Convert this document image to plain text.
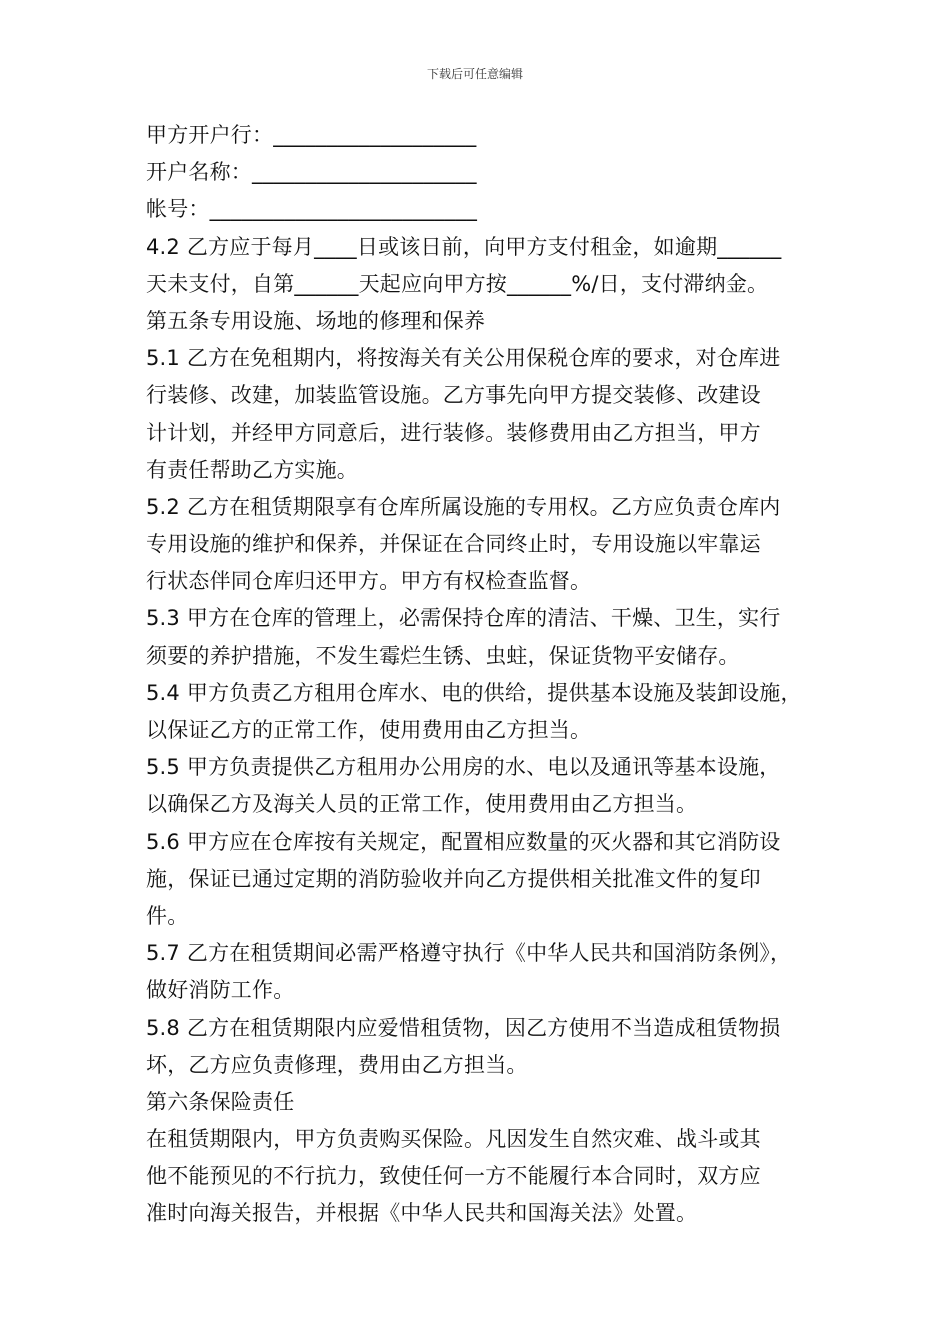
下载后可任意编辑
甲方开户行：___________________
开户名称：_____________________
帐号：_________________________
4.2 乙方应于每月____日或该日前，向甲方支付租金，如逾期______
天未支付，自第______天起应向甲方按______%/日，支付滞纳金。
第五条专用设施、场地的修理和保养
5.1 乙方在免租期内，将按海关有关公用保税仓库的要求，对仓库进
行装修、改建，加装监管设施。乙方事先向甲方提交装修、改建设
计计划，并经甲方同意后，进行装修。装修费用由乙方担当，甲方
有责任帮助乙方实施。
5.2 乙方在租赁期限享有仓库所属设施的专用权。乙方应负责仓库内
专用设施的维护和保养，并保证在合同终止时，专用设施以牢靠运
行状态伴同仓库归还甲方。甲方有权检查监督。
5.3 甲方在仓库的管理上，必需保持仓库的清洁、干燥、卫生，实行
须要的养护措施，不发生霉烂生锈、虫蛀，保证货物平安储存。
5.4 甲方负责乙方租用仓库水、电的供给，提供基本设施及装卸设施，
以保证乙方的正常工作，使用费用由乙方担当。
5.5 甲方负责提供乙方租用办公用房的水、电以及通讯等基本设施，
以确保乙方及海关人员的正常工作，使用费用由乙方担当。
5.6 甲方应在仓库按有关规定，配置相应数量的灭火器和其它消防设
施，保证已通过定期的消防验收并向乙方提供相关批准文件的复印
件。
5.7 乙方在租赁期间必需严格遵守执行《中华人民共和国消防条例》，
做好消防工作。
5.8 乙方在租赁期限内应爱惜租赁物，因乙方使用不当造成租赁物损
坏，乙方应负责修理，费用由乙方担当。
第六条保险责任
在租赁期限内，甲方负责购买保险。凡因发生自然灾难、战斗或其
他不能预见的不行抗力，致使任何一方不能履行本合同时，双方应
准时向海关报告，并根据《中华人民共和国海关法》处置。
